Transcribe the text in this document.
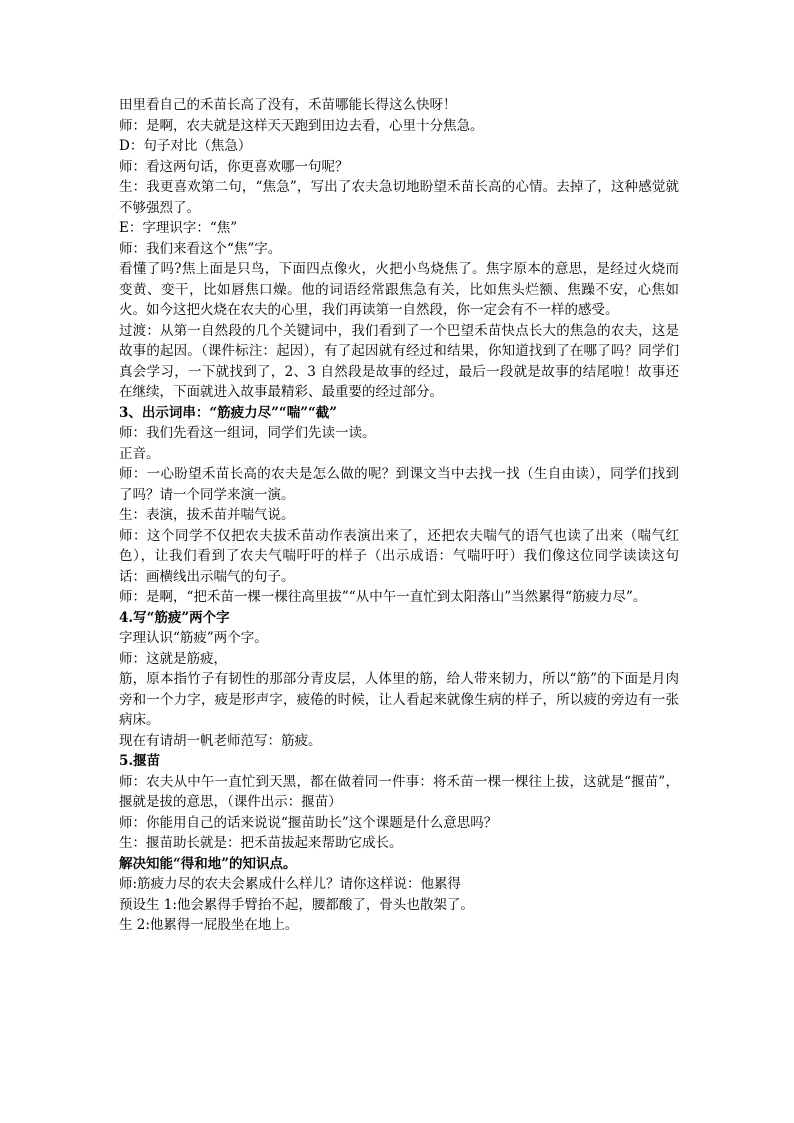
田里看自己的禾苗长高了没有，禾苗哪能长得这么快呀！

师：是啊，农夫就是这样天天跑到田边去看，心里十分焦急。

D：句子对比（焦急）

师：看这两句话，你更喜欢哪一句呢？

生：我更喜欢第二句，“焦急”，写出了农夫急切地盼望禾苗长高的心情。去掉了，这种感觉就不够强烈了。

E：字理识字：“焦”

师：我们来看这个“焦”字。

看懂了吗?焦上面是只鸟，下面四点像火，火把小鸟烧焦了。焦字原本的意思，是经过火烧而变黄、变干，比如唇焦口燥。他的词语经常跟焦急有关，比如焦头烂额、焦躁不安，心焦如火。如今这把火烧在农夫的心里，我们再读第一自然段，你一定会有不一样的感受。

过渡：从第一自然段的几个关键词中，我们看到了一个巴望禾苗快点长大的焦急的农夫，这是故事的起因。（课件标注：起因），有了起因就有经过和结果，你知道找到了在哪了吗？同学们真会学习，一下就找到了，2、3 自然段是故事的经过，最后一段就是故事的结尾啦！故事还在继续，下面就进入故事最精彩、最重要的经过部分。

3、出示词串：“筋疲力尽”“喘”“截”

师：我们先看这一组词，同学们先读一读。

正音。

师：一心盼望禾苗长高的农夫是怎么做的呢？到课文当中去找一找（生自由读），同学们找到了吗？请一个同学来演一演。

生：表演，拔禾苗并喘气说。

师：这个同学不仅把农夫拔禾苗动作表演出来了，还把农夫喘气的语气也读了出来（喘气红色），让我们看到了农夫气喘吁吁的样子（出示成语：气喘吁吁）我们像这位同学读读这句话：画横线出示喘气的句子。

师：是啊，“把禾苗一棵一棵往高里拔”“从中午一直忙到太阳落山”当然累得“筋疲力尽”。

4.写“筋疲”两个字

字理认识“筋疲”两个字。

师：这就是筋疲，

筋，原本指竹子有韧性的那部分青皮层，人体里的筋，给人带来韧力，所以“筋”的下面是月肉旁和一个力字，疲是形声字，疲倦的时候，让人看起来就像生病的样子，所以疲的旁边有一张病床。

现在有请胡一帆老师范写：筋疲。

5.揠苗

师：农夫从中午一直忙到天黑，都在做着同一件事：将禾苗一棵一棵往上拔，这就是“揠苗”，揠就是拔的意思，（课件出示：揠苗）

师：你能用自己的话来说说“揠苗助长”这个课题是什么意思吗？

生：揠苗助长就是：把禾苗拔起来帮助它成长。

解决知能“得和地”的知识点。

师:筋疲力尽的农夫会累成什么样儿？请你这样说：他累得

预设生 1:他会累得手臂抬不起，腰都酸了，骨头也散架了。

生 2:他累得一屁股坐在地上。
